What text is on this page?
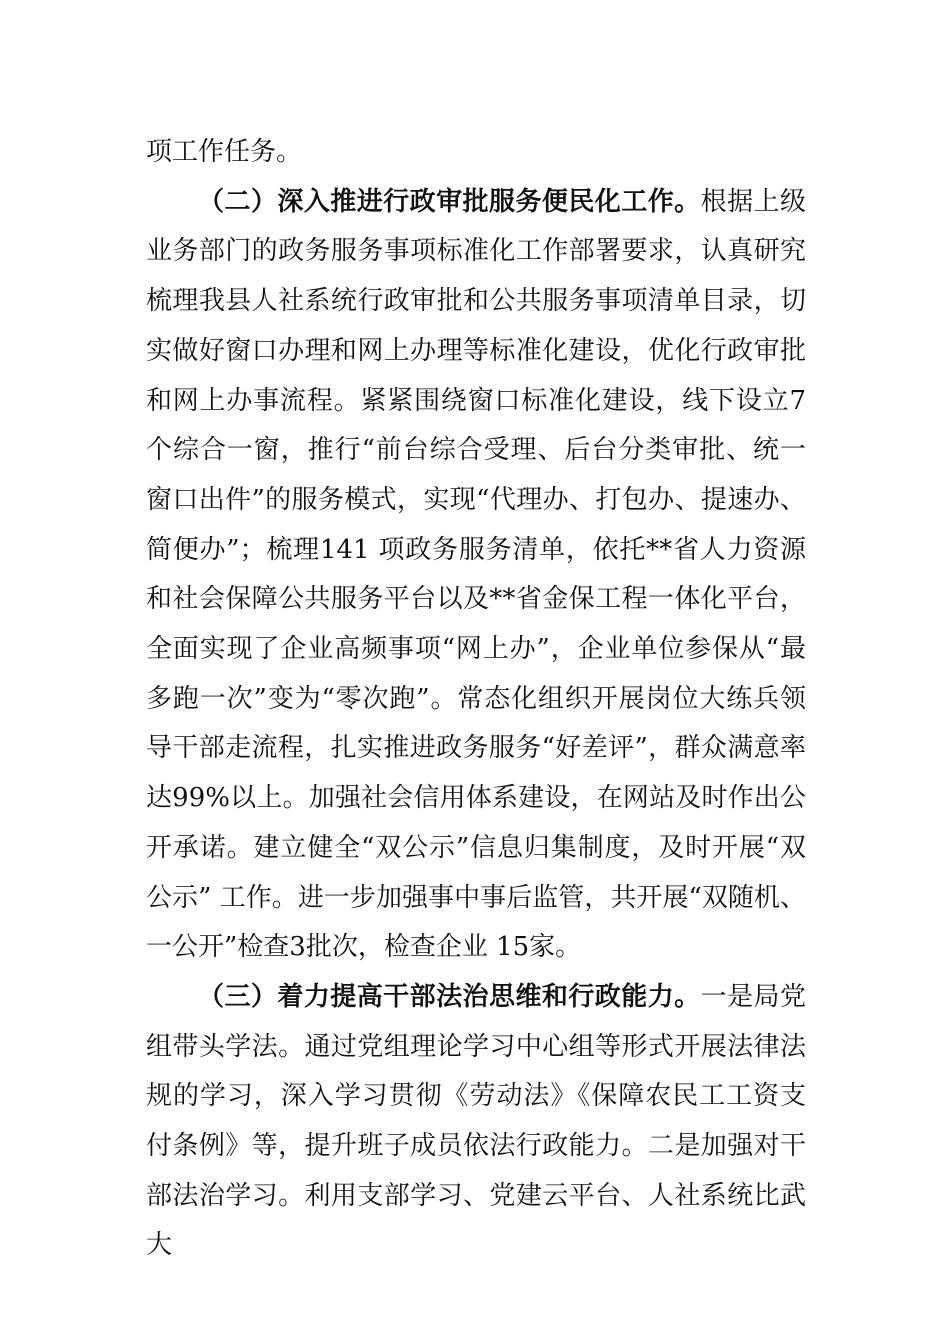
项工作任务。

（二）深入推进行政审批服务便民化工作。根据上级业务部门的政务服务事项标准化工作部署要求，认真研究梳理我县人社系统行政审批和公共服务事项清单目录，切实做好窗口办理和网上办理等标准化建设，优化行政审批和网上办事流程。紧紧围绕窗口标准化建设，线下设立7个综合一窗，推行“前台综合受理、后台分类审批、统一窗口出件”的服务模式，实现“代理办、打包办、提速办、简便办”；梳理141 项政务服务清单，依托**省人力资源和社会保障公共服务平台以及**省金保工程一体化平台，全面实现了企业高频事项“网上办”，企业单位参保从“最多跑一次”变为“零次跑”。常态化组织开展岗位大练兵领导干部走流程，扎实推进政务服务“好差评”，群众满意率达99%以上。加强社会信用体系建设，在网站及时作出公开承诺。建立健全“双公示”信息归集制度，及时开展“双公示” 工作。进一步加强事中事后监管，共开展“双随机、一公开”检查3批次，检查企业 15家。

（三）着力提高干部法治思维和行政能力。一是局党组带头学法。通过党组理论学习中心组等形式开展法律法规的学习，深入学习贯彻《劳动法》《保障农民工工资支付条例》等，提升班子成员依法行政能力。二是加强对干部法治学习。利用支部学习、党建云平台、人社系统比武大
